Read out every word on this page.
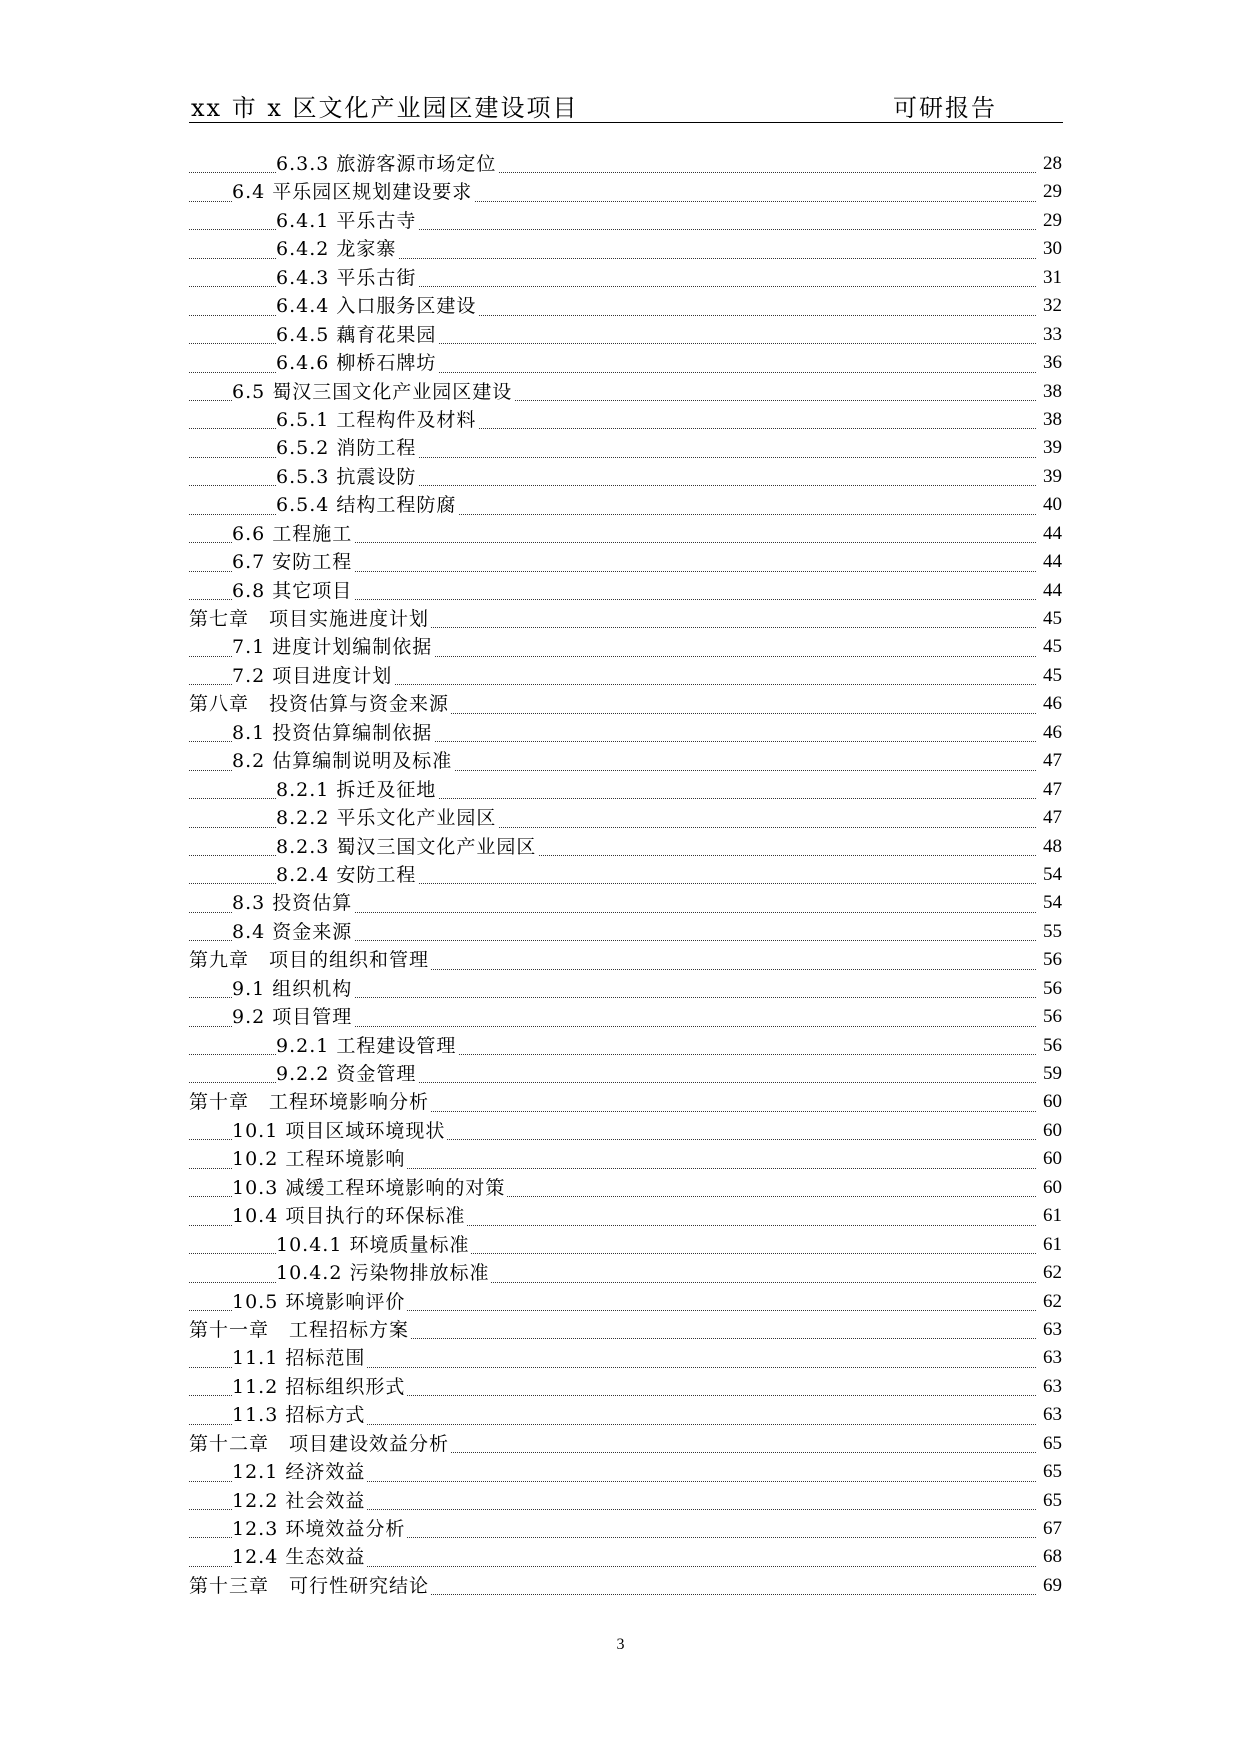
xx 市 x 区文化产业园区建设项目	可研报告
6.3.3 旅游客源市场定位	28
6.4 平乐园区规划建设要求	29
6.4.1 平乐古寺	29
6.4.2 龙家寨	30
6.4.3 平乐古街	31
6.4.4 入口服务区建设	32
6.4.5 藕育花果园	33
6.4.6 柳桥石牌坊	36
6.5 蜀汉三国文化产业园区建设	38
6.5.1 工程构件及材料	38
6.5.2 消防工程	39
6.5.3 抗震设防	39
6.5.4 结构工程防腐	40
6.6 工程施工	44
6.7 安防工程	44
6.8 其它项目	44
第七章　项目实施进度计划	45
7.1 进度计划编制依据	45
7.2 项目进度计划	45
第八章　投资估算与资金来源	46
8.1 投资估算编制依据	46
8.2 估算编制说明及标准	47
8.2.1 拆迁及征地	47
8.2.2 平乐文化产业园区	47
8.2.3 蜀汉三国文化产业园区	48
8.2.4 安防工程	54
8.3 投资估算	54
8.4 资金来源	55
第九章　项目的组织和管理	56
9.1 组织机构	56
9.2 项目管理	56
9.2.1 工程建设管理	56
9.2.2 资金管理	59
第十章　工程环境影响分析	60
10.1 项目区域环境现状	60
10.2 工程环境影响	60
10.3 减缓工程环境影响的对策	60
10.4 项目执行的环保标准	61
10.4.1 环境质量标准	61
10.4.2 污染物排放标准	62
10.5 环境影响评价	62
第十一章　工程招标方案	63
11.1 招标范围	63
11.2 招标组织形式	63
11.3 招标方式	63
第十二章　项目建设效益分析	65
12.1 经济效益	65
12.2 社会效益	65
12.3 环境效益分析	67
12.4 生态效益	68
第十三章　可行性研究结论	69
3
